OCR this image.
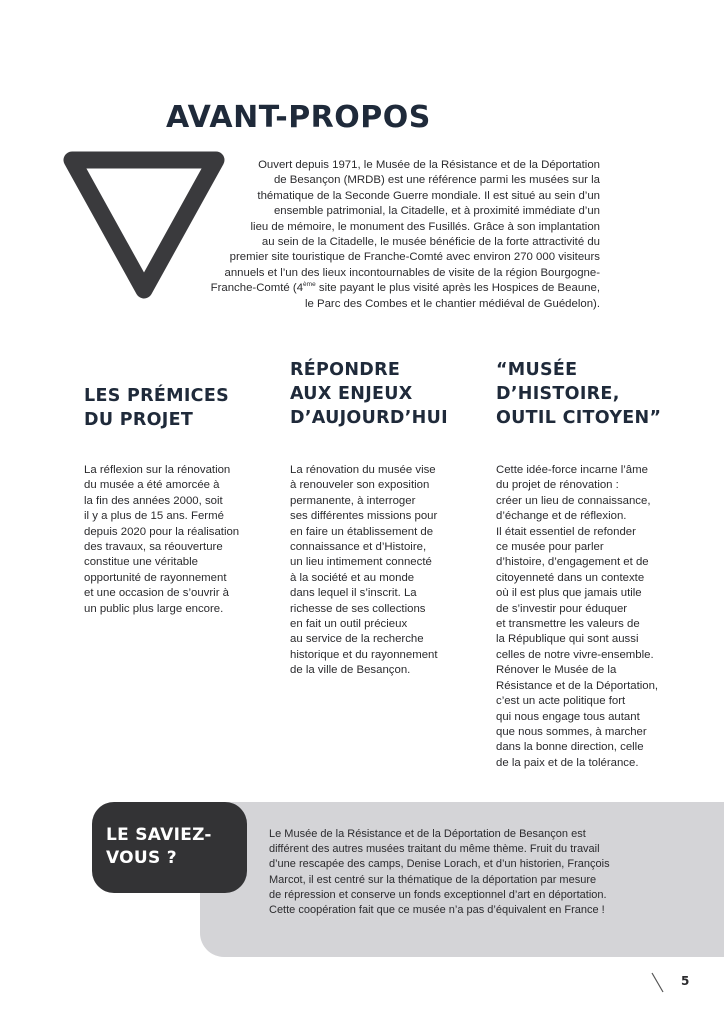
AVANT-PROPOS
Ouvert depuis 1971, le Musée de la Résistance et de la Déportation
de Besançon (MRDB) est une référence parmi les musées sur la
thématique de la Seconde Guerre mondiale. Il est situé au sein d’un
ensemble patrimonial, la Citadelle, et à proximité immédiate d’un
lieu de mémoire, le monument des Fusillés. Grâce à son implantation
au sein de la Citadelle, le musée bénéficie de la forte attractivité du
premier site touristique de Franche-Comté avec environ 270 000 visiteurs
annuels et l’un des lieux incontournables de visite de la région Bourgogne-
Franche-Comté (4ème site payant le plus visité après les Hospices de Beaune,
le Parc des Combes et le chantier médiéval de Guédelon).
LES PRÉMICES
DU PROJET
La réflexion sur la rénovation
du musée a été amorcée à
la fin des années 2000, soit
il y a plus de 15 ans. Fermé
depuis 2020 pour la réalisation
des travaux, sa réouverture
constitue une véritable
opportunité de rayonnement
et une occasion de s’ouvrir à
un public plus large encore.
RÉPONDRE
AUX ENJEUX
D’AUJOURD’HUI
La rénovation du musée vise
à renouveler son exposition
permanente, à interroger
ses différentes missions pour
en faire un établissement de
connaissance et d’Histoire,
un lieu intimement connecté
à la société et au monde
dans lequel il s’inscrit. La
richesse de ses collections
en fait un outil précieux
au service de la recherche
historique et du rayonnement
de la ville de Besançon.
“MUSÉE
D’HISTOIRE,
OUTIL CITOYEN”
Cette idée-force incarne l’âme
du projet de rénovation :
créer un lieu de connaissance,
d’échange et de réflexion.
Il était essentiel de refonder
ce musée pour parler
d’histoire, d’engagement et de
citoyenneté dans un contexte
où il est plus que jamais utile
de s’investir pour éduquer
et transmettre les valeurs de
la République qui sont aussi
celles de notre vivre-ensemble.
Rénover le Musée de la
Résistance et de la Déportation,
c’est un acte politique fort
qui nous engage tous autant
que nous sommes, à marcher
dans la bonne direction, celle
de la paix et de la tolérance.
LE SAVIEZ-
VOUS ?
Le Musée de la Résistance et de la Déportation de Besançon est
différent des autres musées traitant du même thème. Fruit du travail
d’une rescapée des camps, Denise Lorach, et d’un historien, François
Marcot, il est centré sur la thématique de la déportation par mesure
de répression et conserve un fonds exceptionnel d’art en déportation.
Cette coopération fait que ce musée n’a pas d’équivalent en France !
5
